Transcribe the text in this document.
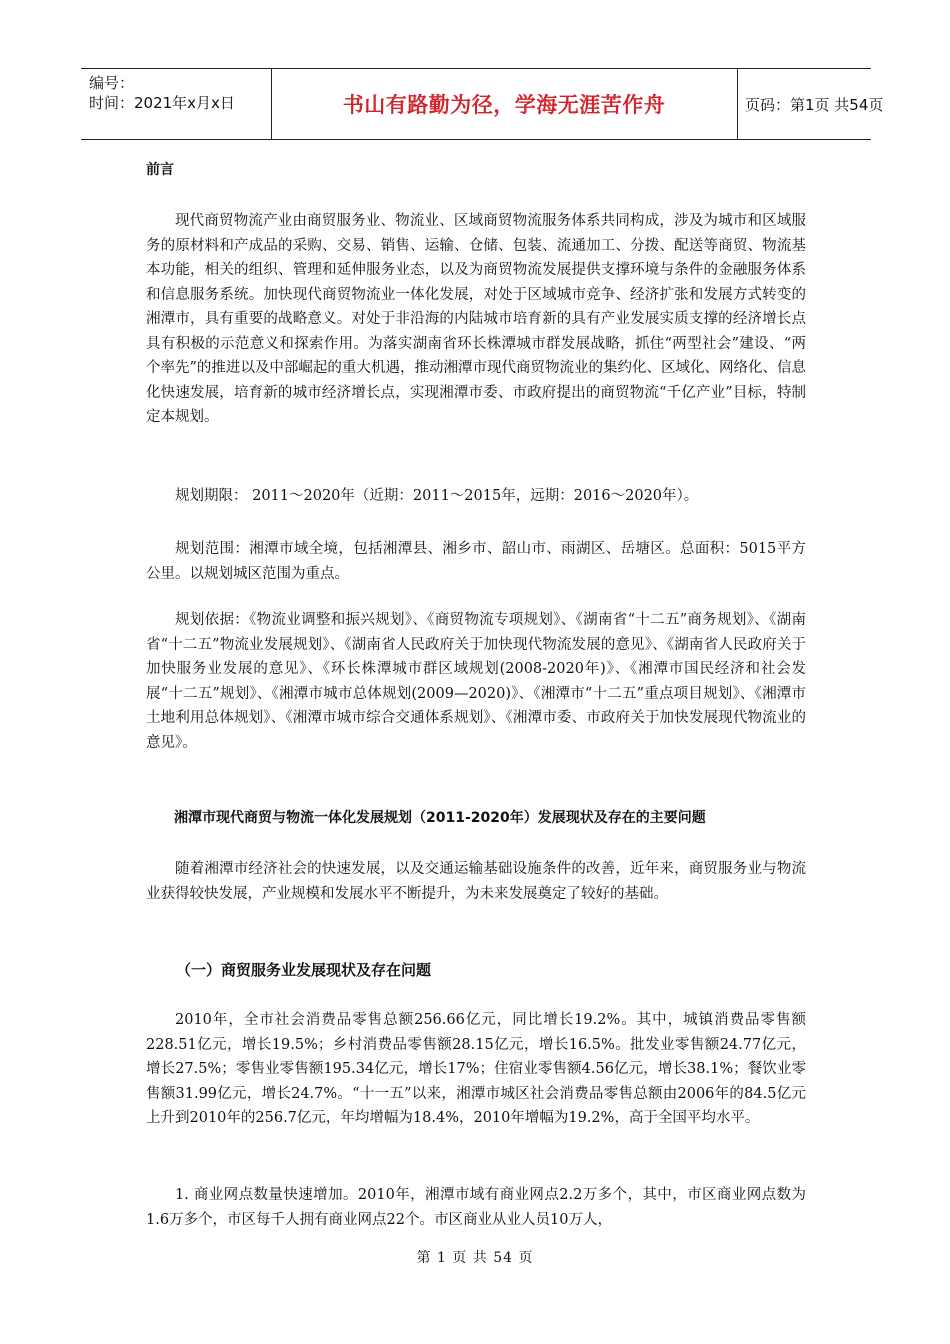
编号：
时间：2021年x月x日	书山有路勤为径，学海无涯苦作舟	页码：第1页 共54页

前言

现代商贸物流产业由商贸服务业、物流业、区域商贸物流服务体系共同构成，涉及为城市和区域服务的原材料和产成品的采购、交易、销售、运输、仓储、包装、流通加工、分拨、配送等商贸、物流基本功能，相关的组织、管理和延伸服务业态，以及为商贸物流发展提供支撑环境与条件的金融服务体系和信息服务系统。加快现代商贸物流业一体化发展，对处于区域城市竞争、经济扩张和发展方式转变的湘潭市，具有重要的战略意义。对处于非沿海的内陆城市培育新的具有产业发展实质支撑的经济增长点具有积极的示范意义和探索作用。为落实湖南省环长株潭城市群发展战略，抓住“两型社会”建设、“两个率先”的推进以及中部崛起的重大机遇，推动湘潭市现代商贸物流业的集约化、区域化、网络化、信息化快速发展，培育新的城市经济增长点，实现湘潭市委、市政府提出的商贸物流“千亿产业”目标，特制定本规划。

规划期限： 2011～2020年（近期：2011～2015年，远期：2016～2020年）。

规划范围：湘潭市域全境，包括湘潭县、湘乡市、韶山市、雨湖区、岳塘区。总面积：5015平方公里。以规划城区范围为重点。

规划依据：《物流业调整和振兴规划》、《商贸物流专项规划》、《湖南省“十二五”商务规划》、《湖南省“十二五”物流业发展规划》、《湖南省人民政府关于加快现代物流发展的意见》、《湖南省人民政府关于加快服务业发展的意见》、《环长株潭城市群区域规划(2008-2020年)》、《湘潭市国民经济和社会发展“十二五”规划》、《湘潭市城市总体规划(2009—2020)》、《湘潭市“十二五”重点项目规划》、《湘潭市土地利用总体规划》、《湘潭市城市综合交通体系规划》、《湘潭市委、市政府关于加快发展现代物流业的意见》。

湘潭市现代商贸与物流一体化发展规划（2011-2020年）发展现状及存在的主要问题

随着湘潭市经济社会的快速发展，以及交通运输基础设施条件的改善，近年来，商贸服务业与物流业获得较快发展，产业规模和发展水平不断提升，为未来发展奠定了较好的基础。

（一）商贸服务业发展现状及存在问题

2010年，全市社会消费品零售总额256.66亿元，同比增长19.2%。其中，城镇消费品零售额228.51亿元，增长19.5%；乡村消费品零售额28.15亿元，增长16.5%。批发业零售额24.77亿元，增长27.5%；零售业零售额195.34亿元，增长17%；住宿业零售额4.56亿元，增长38.1%；餐饮业零售额31.99亿元，增长24.7%。“十一五”以来，湘潭市城区社会消费品零售总额由2006年的84.5亿元上升到2010年的256.7亿元，年均增幅为18.4%，2010年增幅为19.2%，高于全国平均水平。

1. 商业网点数量快速增加。2010年，湘潭市域有商业网点2.2万多个，其中，市区商业网点数为1.6万多个，市区每千人拥有商业网点22个。市区商业从业人员10万人，

第 1 页 共 54 页
